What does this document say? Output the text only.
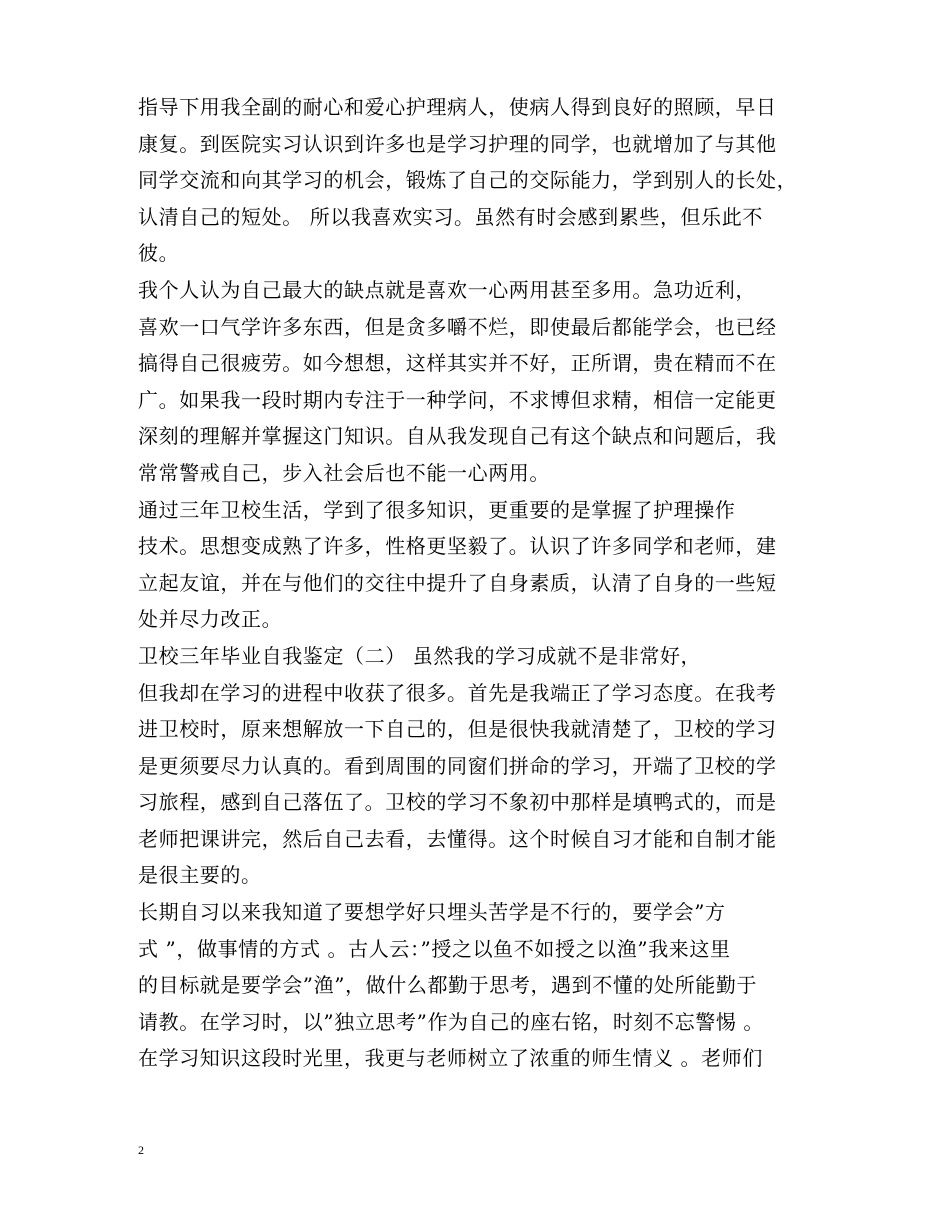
指导下用我全副的耐心和爱心护理病人，使病人得到良好的照顾，早日
康复。到医院实习认识到许多也是学习护理的同学，也就增加了与其他
同学交流和向其学习的机会，锻炼了自己的交际能力，学到别人的长处，
认清自己的短处。 所以我喜欢实习。虽然有时会感到累些，但乐此不
彼。

我个人认为自己最大的缺点就是喜欢一心两用甚至多用。急功近利，
喜欢一口气学许多东西，但是贪多嚼不烂，即使最后都能学会，也已经
搞得自己很疲劳。如今想想，这样其实并不好，正所谓，贵在精而不在
广。如果我一段时期内专注于一种学问，不求博但求精，相信一定能更
深刻的理解并掌握这门知识。自从我发现自己有这个缺点和问题后，我
常常警戒自己，步入社会后也不能一心两用。

通过三年卫校生活，学到了很多知识，更重要的是掌握了护理操作
技术。思想变成熟了许多，性格更坚毅了。认识了许多同学和老师，建
立起友谊，并在与他们的交往中提升了自身素质，认清了自身的一些短
处并尽力改正。

卫校三年毕业自我鉴定（二） 虽然我的学习成就不是非常好，
但我却在学习的进程中收获了很多。首先是我端正了学习态度。在我考
进卫校时，原来想解放一下自己的，但是很快我就清楚了，卫校的学习
是更须要尽力认真的。看到周围的同窗们拼命的学习，开端了卫校的学
习旅程，感到自己落伍了。卫校的学习不象初中那样是填鸭式的，而是
老师把课讲完，然后自己去看，去懂得。这个时候自习才能和自制才能
是很主要的。

长期自习以来我知道了要想学好只埋头苦学是不行的，要学会”方
式 ”，做事情的方式 。古人云：”授之以鱼不如授之以渔”我来这里
的目标就是要学会”渔”，做什么都勤于思考，遇到不懂的处所能勤于
请教。在学习时，以”独立思考”作为自己的座右铭，时刻不忘警惕 。
在学习知识这段时光里，我更与老师树立了浓重的师生情义 。老师们

2
